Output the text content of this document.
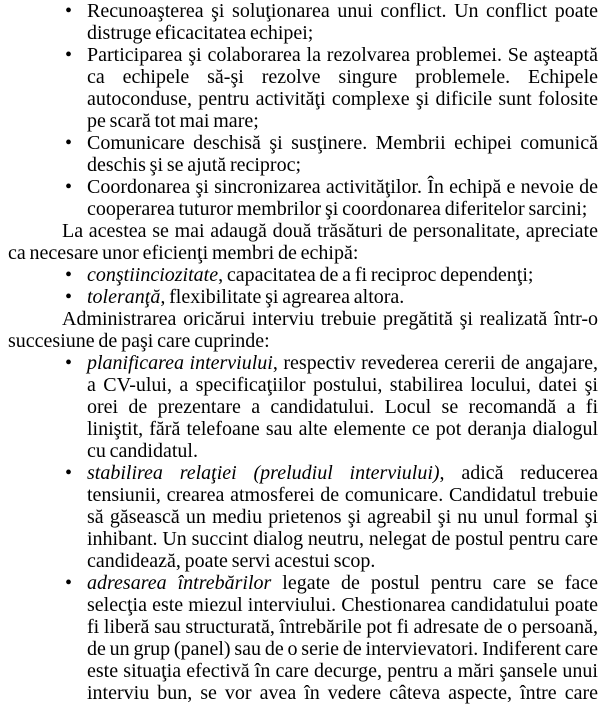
• Recunoaşterea şi soluţionarea unui conflict. Un conflict poate distruge eficacitatea echipei;
• Participarea şi colaborarea la rezolvarea problemei. Se aşteaptă ca echipele să-şi rezolve singure problemele. Echipele autoconduse, pentru activităţi complexe şi dificile sunt folosite pe scară tot mai mare;
• Comunicare deschisă şi susţinere. Membrii echipei comunică deschis şi se ajută reciproc;
• Coordonarea şi sincronizarea activităţilor. În echipă e nevoie de cooperarea tuturor membrilor şi coordonarea diferitelor sarcini;

La acestea se mai adaugă două trăsături de personalitate, apreciate ca necesare unor eficienţi membri de echipă:

• conştiinciozitate, capacitatea de a fi reciproc dependenţi;
• toleranţă, flexibilitate şi agrearea altora.

Administrarea oricărui interviu trebuie pregătită şi realizată într-o succesiune de paşi care cuprinde:

• planificarea interviului, respectiv revederea cererii de angajare, a CV-ului, a specificaţiilor postului, stabilirea locului, datei şi orei de prezentare a candidatului. Locul se recomandă a fi liniştit, fără telefoane sau alte elemente ce pot deranja dialogul cu candidatul.
• stabilirea relaţiei (preludiul interviului), adică reducerea tensiunii, crearea atmosferei de comunicare. Candidatul trebuie să găsească un mediu prietenos şi agreabil şi nu unul formal şi inhibant. Un succint dialog neutru, nelegat de postul pentru care candidează, poate servi acestui scop.
• adresarea întrebărilor legate de postul pentru care se face selecţia este miezul interviului. Chestionarea candidatului poate fi liberă sau structurată, întrebările pot fi adresate de o persoană, de un grup (panel) sau de o serie de intervievatori. Indiferent care este situaţia efectivă în care decurge, pentru a mări şansele unui interviu bun, se vor avea în vedere câteva aspecte, între care
